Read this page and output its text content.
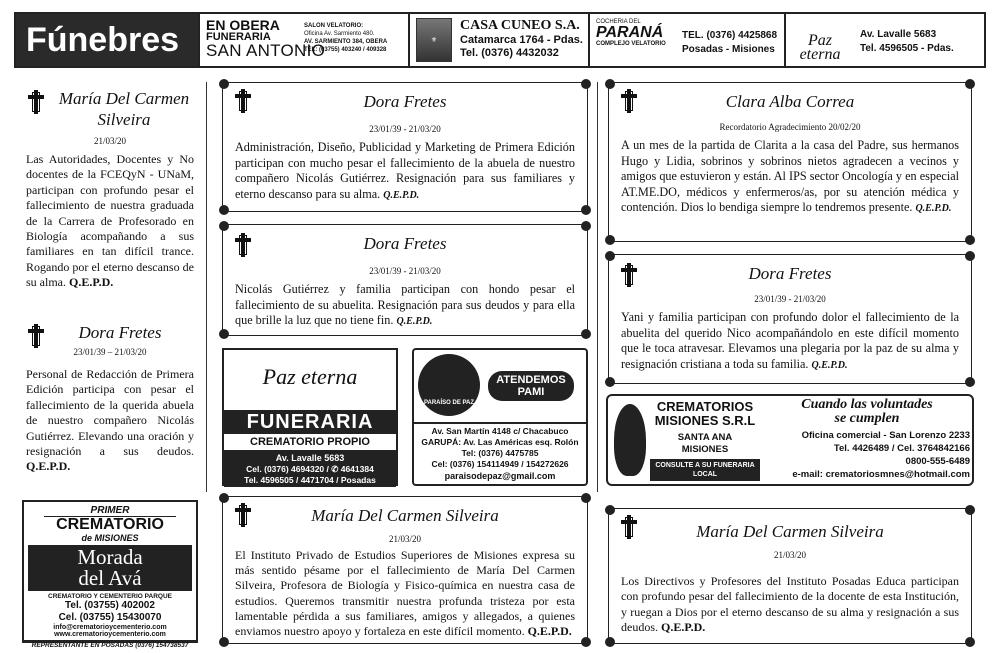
Fúnebres	EN OBERA
FUNERARIA
SAN ANTONIO
SALON VELATORIO:
Oficina Av. Sarmiento 480.
AV. SARMIENTO 384, OBERA
TEL: (03755) 403240 / 409328
⚜
CASA CUNEO S.A.
Catamarca 1764 - Pdas.
Tel. (0376) 4432032
COCHERIA DEL
PARANÁ
COMPLEJO VELATORIO
TEL. (0376) 4425868
Posadas - Misiones
Paz eterna
Av. Lavalle 5683
Tel. 4596505 - Pdas.
María Del Carmen Silveira
21/03/20
Las Autoridades, Docentes y No docentes de la FCEQyN - UNaM, participan con profundo pesar el fallecimiento de nuestra graduada de la Carrera de Profesorado en Biología acompañando a sus familiares en tan difícil trance. Rogando por el eterno descanso de su alma. Q.E.P.D.
Dora Fretes
23/01/39 – 21/03/20
Personal de Redacción de Primera Edición participa con pesar el fallecimiento de la querida abuela de nuestro compañero Nicolás Gutiérrez. Elevando una oración y resignación a sus deudos. Q.E.P.D.
PRIMER
CREMATORIO
de MISIONES
Morada
del Avá
CREMATORIO Y CEMENTERIO PARQUE
Tel. (03755) 402002
Cel. (03755) 15430070
info@crematorioycementerio.com
www.crematorioycementerio.com
REPRESENTANTE EN POSADAS (0376) 154738537
Dora Fretes
23/01/39 - 21/03/20
Administración, Diseño, Publicidad y Marketing de Primera Edición participan con mucho pesar el fallecimiento de la abuela de nuestro compañero Nicolás Gutiérrez. Resignación para sus familiares y eterno descanso para su alma. Q.E.P.D.
Dora Fretes
23/01/39 - 21/03/20
Nicolás Gutiérrez y familia participan con hondo pesar el fallecimiento de su abuelita. Resignación para sus deudos y para ella que brille la luz que no tiene fin. Q.E.P.D.
Paz eterna
FUNERARIA
CREMATORIO PROPIO
Av. Lavalle 5683
Cel. (0376) 4694320 / ✆ 4641384
Tel. 4596505 / 4471704 / Posadas
PARAÍSO DE PAZ
ATENDEMOS
PAMI
Av. San Martín 4148 c/ Chacabuco
GARUPÁ: Av. Las Américas esq. Rolón
Tel: (0376) 4475785
Cel: (0376) 154114949 / 154272626
paraisodepaz@gmail.com
María Del Carmen Silveira
21/03/20
El Instituto Privado de Estudios Superiores de Misiones expresa su más sentido pésame por el fallecimiento de María Del Carmen Silveira, Profesora de Biología y Fisico-química en nuestra casa de estudios. Queremos transmitir nuestra profunda tristeza por esta lamentable pérdida a sus familiares, amigos y allegados, a quienes enviamos nuestro apoyo y fortaleza en este difícil momento. Q.E.P.D.
Clara Alba Correa
Recordatorio Agradecimiento 20/02/20
A un mes de la partida de Clarita a la casa del Padre, sus hermanos Hugo y Lidia, sobrinos y sobrinos nietos agradecen a vecinos y amigos que estuvieron y están. Al IPS sector Oncología y en especial AT.ME.DO, médicos y enfermeros/as, por su atención médica y contención. Dios lo bendiga siempre lo tendremos presente. Q.E.P.D.
Dora Fretes
23/01/39 - 21/03/20
Yani y familia participan con profundo dolor el fallecimiento de la abuelita del querido Nico acompañándolo en este difícil momento que le toca atravesar. Elevamos una plegaria por la paz de su alma y resignación cristiana a toda su familia. Q.E.P.D.
CREMATORIOS
MISIONES S.R.L
SANTA ANA
MISIONES
CONSULTE A SU FUNERARIA LOCAL
Cuando las voluntades
se cumplen
Oficina comercial - San Lorenzo 2233
Tel. 4426489 / Cel. 3764842166
0800-555-6489
e-mail: crematoriosmnes@hotmail.com
María Del Carmen Silveira
21/03/20
Los Directivos y Profesores del Instituto Posadas Educa participan con profundo pesar del fallecimiento de la docente de esta Institución, y ruegan a Dios por el eterno descanso de su alma y resignación a sus deudos. Q.E.P.D.
